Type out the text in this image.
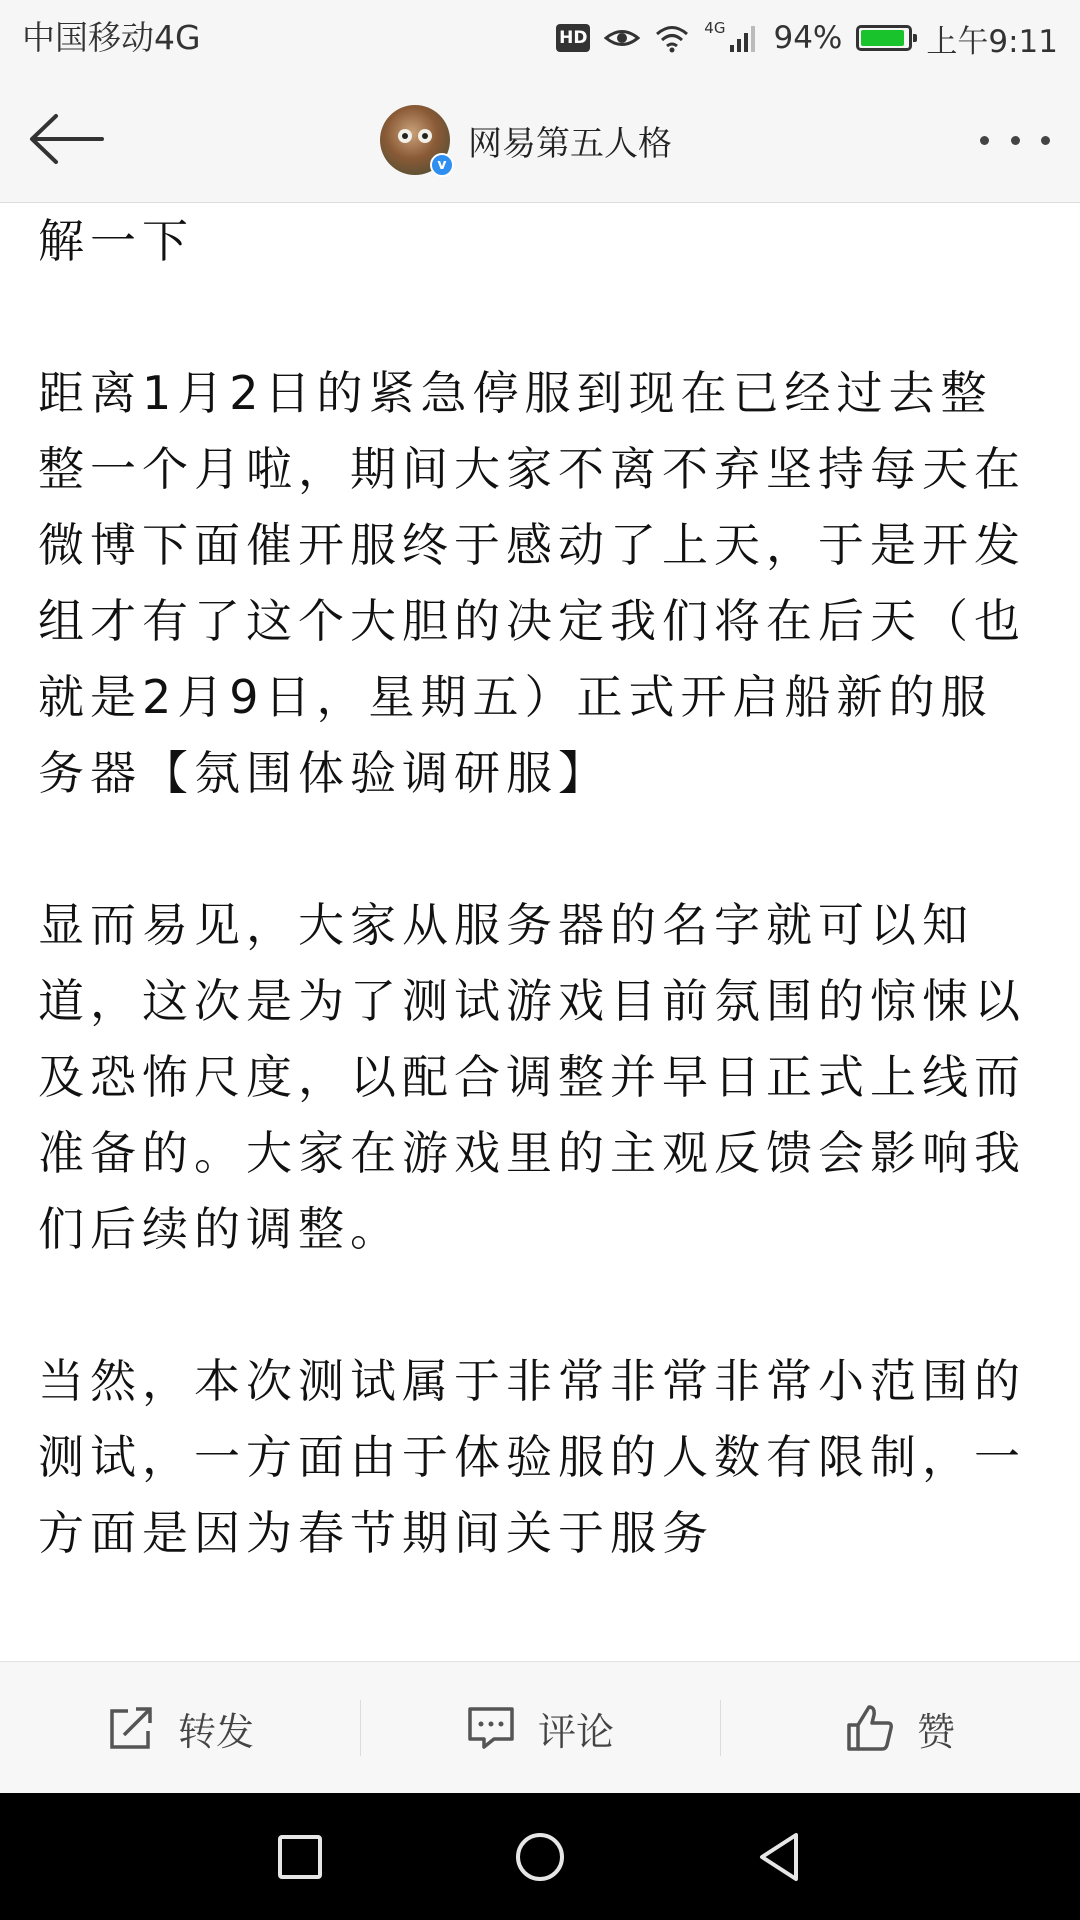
中国移动4G	HD	4G 94%	上午9:11
v
网易第五人格

解一下

距离1月2日的紧急停服到现在已经过去整整一个月啦，期间大家不离不弃坚持每天在微博下面催开服终于感动了上天，于是开发组才有了这个大胆的决定我们将在后天（也就是2月9日，星期五）正式开启船新的服务器【氛围体验调研服】

显而易见，大家从服务器的名字就可以知道，这次是为了测试游戏目前氛围的惊悚以及恐怖尺度，以配合调整并早日正式上线而准备的。大家在游戏里的主观反馈会影响我们后续的调整。

当然，本次测试属于非常非常非常小范围的测试，一方面由于体验服的人数有限制，一方面是因为春节期间关于服务

转发	评论	赞
